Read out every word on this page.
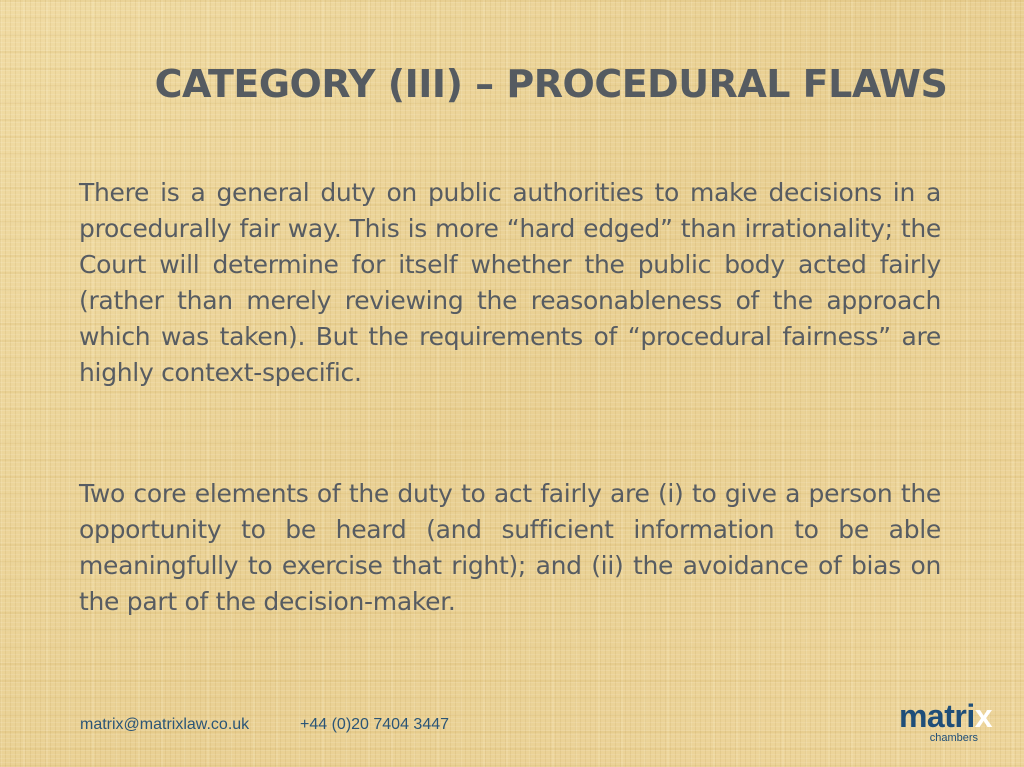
CATEGORY (III) – PROCEDURAL FLAWS

There is a general duty on public authorities to make decisions in a procedurally fair way. This is more “hard edged” than irrationality; the Court will determine for itself whether the public body acted fairly (rather than merely reviewing the reasonableness of the approach which was taken). But the requirements of “procedural fairness” are highly context-specific.

Two core elements of the duty to act fairly are (i) to give a person the opportunity to be heard (and sufficient information to be able meaningfully to exercise that right); and (ii) the avoidance of bias on the part of the decision-maker.

matrix@matrixlaw.co.uk	+44 (0)20 7404 3447	matrix
chambers
